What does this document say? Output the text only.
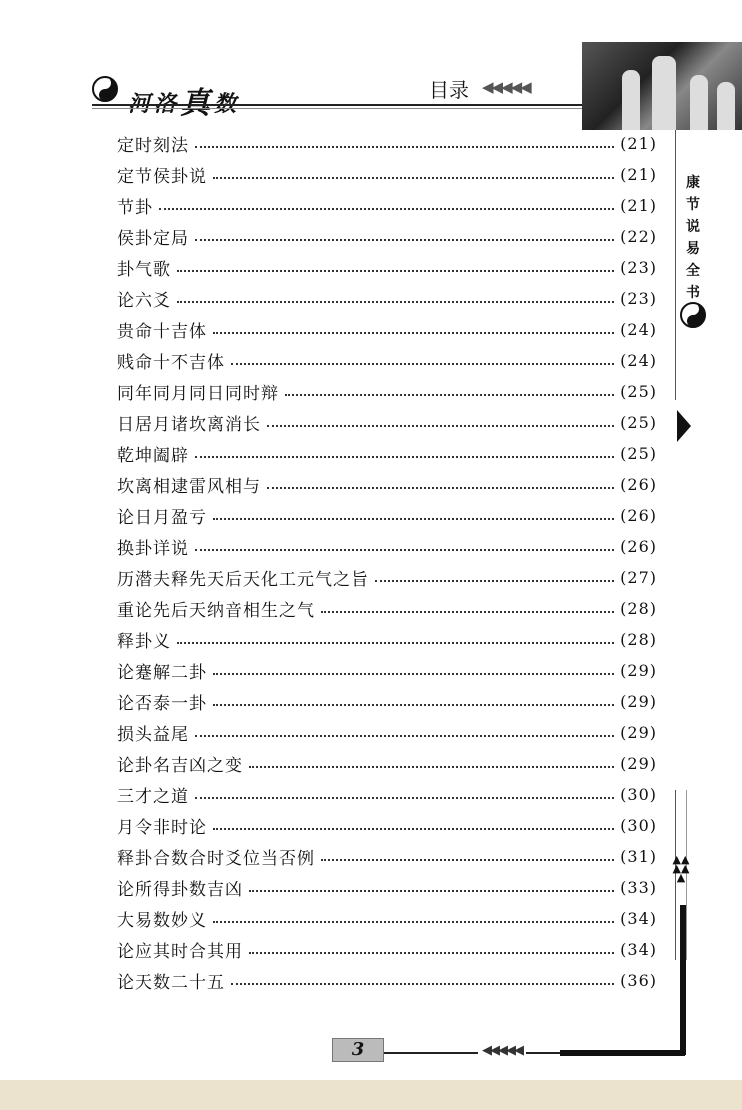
目录 ◀◀◀◀◀
康
节
说
易
全
书
▲▲▲▲▲
定时刻法	(21)
定节侯卦说	(21)
节卦	(21)
侯卦定局	(22)
卦气歌	(23)
论六爻	(23)
贵命十吉体	(24)
贱命十不吉体	(24)
同年同月同日同时辩	(25)
日居月诸坎离消长	(25)
乾坤阖辟	(25)
坎离相逮雷风相与	(26)
论日月盈亏	(26)
换卦详说	(26)
历潜夫释先天后天化工元气之旨	(27)
重论先后天纳音相生之气	(28)
释卦义	(28)
论蹇解二卦	(29)
论否泰一卦	(29)
损头益尾	(29)
论卦名吉凶之变	(29)
三才之道	(30)
月令非时论	(30)
释卦合数合时爻位当否例	(31)
论所得卦数吉凶	(33)
大易数妙义	(34)
论应其时合其用	(34)
论天数二十五	(36)
◀◀◀◀◀
3
